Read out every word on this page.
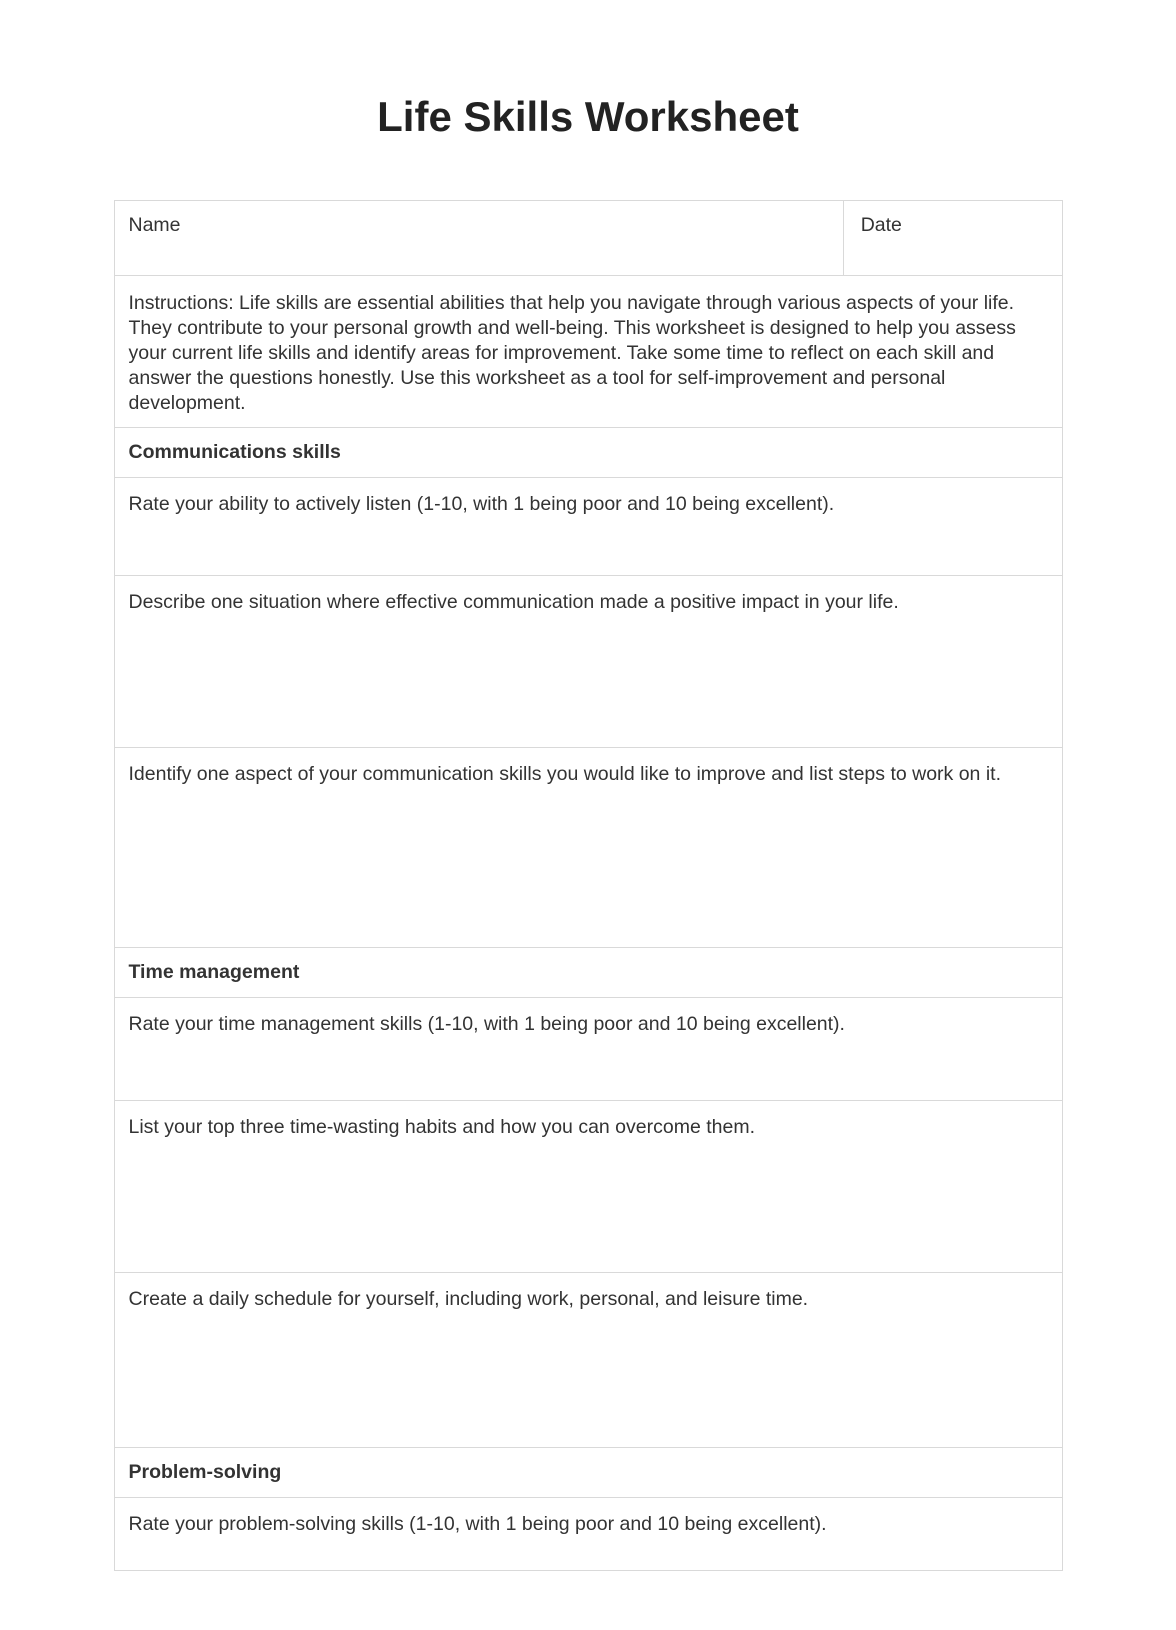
Life Skills Worksheet
Name	Date
Instructions: Life skills are essential abilities that help you navigate through various aspects of your life. They contribute to your personal growth and well-being. This worksheet is designed to help you assess your current life skills and identify areas for improvement. Take some time to reflect on each skill and answer the questions honestly. Use this worksheet as a tool for self-improvement and personal development.
Communications skills
Rate your ability to actively listen (1-10, with 1 being poor and 10 being excellent).
Describe one situation where effective communication made a positive impact in your life.
Identify one aspect of your communication skills you would like to improve and list steps to work on it.
Time management
Rate your time management skills (1-10, with 1 being poor and 10 being excellent).
List your top three time-wasting habits and how you can overcome them.
Create a daily schedule for yourself, including work, personal, and leisure time.
Problem-solving
Rate your problem-solving skills (1-10, with 1 being poor and 10 being excellent).
